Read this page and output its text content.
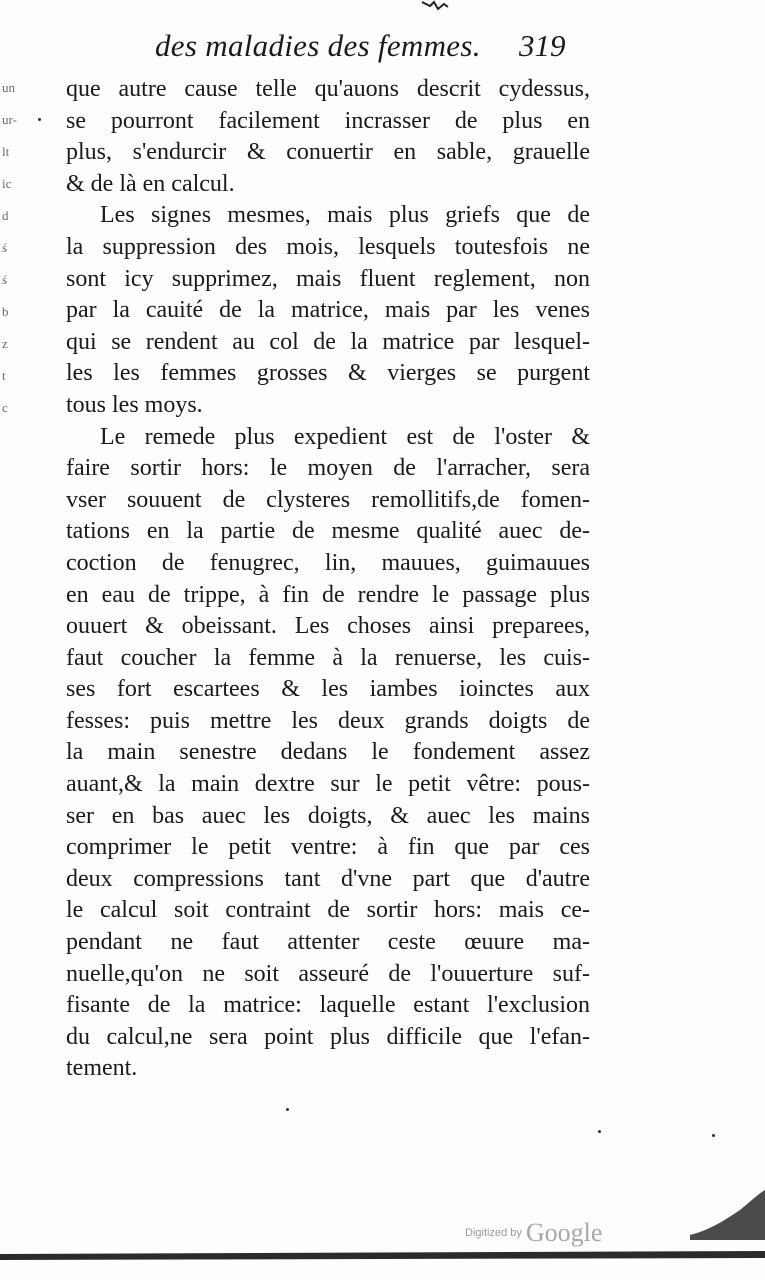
un
ur-
lt
ic
d
ś
ś
b
z
t
c
des maladies des femmes. 319
que autre cause telle qu'auons descrit cydessus,
se pourront facilement incrasser de plus en
plus, s'endurcir & conuertir en sable, grauelle
& de là en calcul.
Les signes mesmes, mais plus griefs que de
la suppression des mois, lesquels toutesfois ne
sont icy supprimez, mais fluent reglement, non
par la cauité de la matrice, mais par les venes
qui se rendent au col de la matrice par lesquel-
les les femmes grosses & vierges se purgent
tous les moys.
Le remede plus expedient est de l'oster &
faire sortir hors: le moyen de l'arracher, sera
vser souuent de clysteres remollitifs,de fomen-
tations en la partie de mesme qualité auec de-
coction de fenugrec, lin, mauues, guimauues
en eau de trippe, à fin de rendre le passage plus
ouuert & obeissant. Les choses ainsi preparees,
faut coucher la femme à la renuerse, les cuis-
ses fort escartees & les iambes ioinctes aux
fesses: puis mettre les deux grands doigts de
la main senestre dedans le fondement assez
auant,& la main dextre sur le petit vêtre: pous-
ser en bas auec les doigts, & auec les mains
comprimer le petit ventre: à fin que par ces
deux compressions tant d'vne part que d'autre
le calcul soit contraint de sortir hors: mais ce-
pendant ne faut attenter ceste œuure ma-
nuelle,qu'on ne soit asseuré de l'ouuerture suf-
fisante de la matrice: laquelle estant l'exclusion
du calcul,ne sera point plus difficile que l'efan-
tement.
Digitized by Google
